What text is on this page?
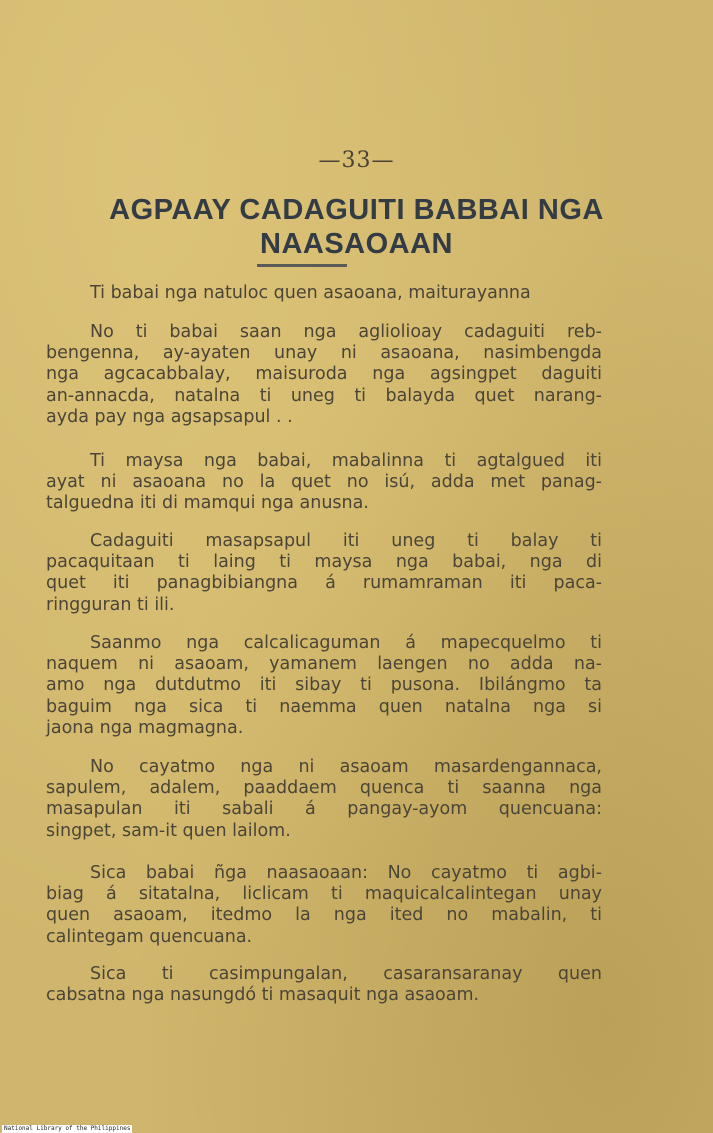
—33—
AGPAAY CADAGUITI BABBAI NGA
NAASAOAAN

Ti babai nga natuloc quen asaoana, maiturayanna

No ti babai saan nga agliolioay cadaguiti reb-
bengenna, ay-ayaten unay ni asaoana, nasimbengda
nga agcacabbalay, maisuroda nga agsingpet daguiti
an-annacda, natalna ti uneg ti balayda quet narang-
ayda pay nga agsapsapul . .

Ti maysa nga babai, mabalinna ti agtalgued iti
ayat ni asaoana no la quet no isú, adda met panag-
talguedna iti di mamqui nga anusna.

Cadaguiti masapsapul iti uneg ti balay ti
pacaquitaan ti laing ti maysa nga babai, nga di
quet iti panagbibiangna á rumamraman iti paca-
ringguran ti ili.

Saanmo nga calcalicaguman á mapecquelmo ti
naquem ni asaoam, yamanem laengen no adda na-
amo nga dutdutmo iti sibay ti pusona. Ibilángmo ta
baguim nga sica ti naemma quen natalna nga si
jaona nga magmagna.

No cayatmo nga ni asaoam masardengannaca,
sapulem, adalem, paaddaem quenca ti saanna nga
masapulan iti sabali á pangay-ayom quencuana:
singpet, sam-it quen lailom.

Sica babai ñga naasaoaan: No cayatmo ti agbi-
biag á sitatalna, liclicam ti maquicalcalintegan unay
quen asaoam, itedmo la nga ited no mabalin, ti
calintegam quencuana.

Sica ti casimpungalan, casaransaranay quen
cabsatna nga nasungdó ti masaquit nga asaoam.

National Library of the Philippines
